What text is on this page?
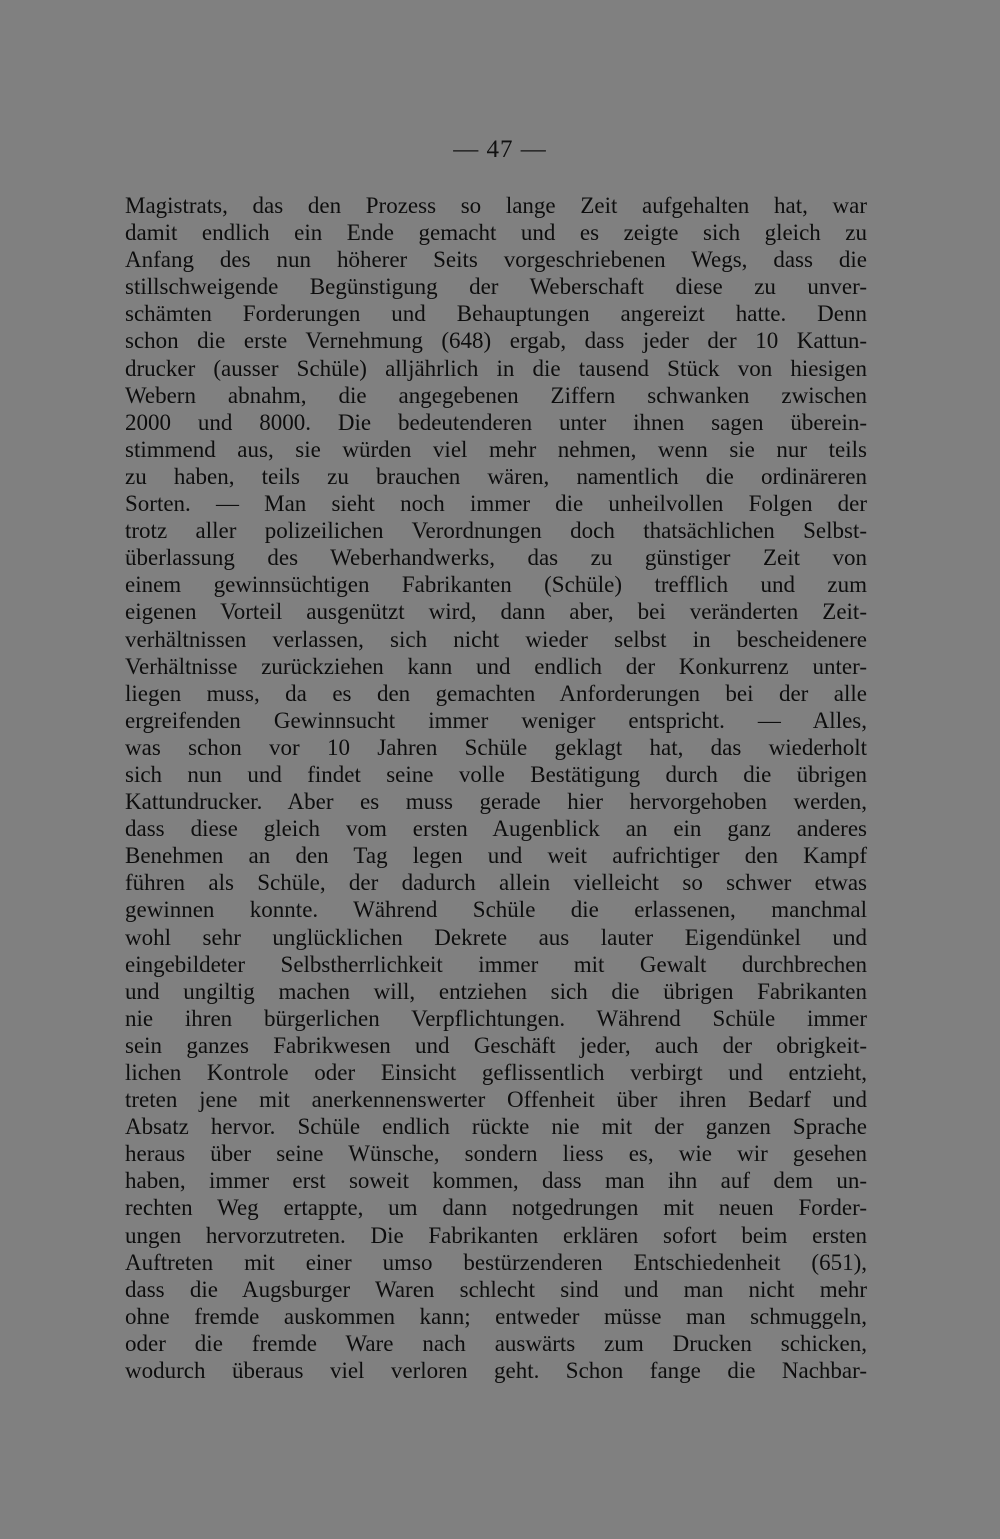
— 47 —
Magistrats, das den Prozess so lange Zeit aufgehalten hat, war
damit endlich ein Ende gemacht und es zeigte sich gleich zu
Anfang des nun höherer Seits vorgeschriebenen Wegs, dass die
stillschweigende Begünstigung der Weberschaft diese zu unver-
schämten Forderungen und Behauptungen angereizt hatte. Denn
schon die erste Vernehmung (648) ergab, dass jeder der 10 Kattun-
drucker (ausser Schüle) alljährlich in die tausend Stück von hiesigen
Webern abnahm, die angegebenen Ziffern schwanken zwischen
2000 und 8000. Die bedeutenderen unter ihnen sagen überein-
stimmend aus, sie würden viel mehr nehmen, wenn sie nur teils
zu haben, teils zu brauchen wären, namentlich die ordinäreren
Sorten. — Man sieht noch immer die unheilvollen Folgen der
trotz aller polizeilichen Verordnungen doch thatsächlichen Selbst-
überlassung des Weberhandwerks, das zu günstiger Zeit von
einem gewinnsüchtigen Fabrikanten (Schüle) trefflich und zum
eigenen Vorteil ausgenützt wird, dann aber, bei veränderten Zeit-
verhältnissen verlassen, sich nicht wieder selbst in bescheidenere
Verhältnisse zurückziehen kann und endlich der Konkurrenz unter-
liegen muss, da es den gemachten Anforderungen bei der alle
ergreifenden Gewinnsucht immer weniger entspricht. — Alles,
was schon vor 10 Jahren Schüle geklagt hat, das wiederholt
sich nun und findet seine volle Bestätigung durch die übrigen
Kattundrucker. Aber es muss gerade hier hervorgehoben werden,
dass diese gleich vom ersten Augenblick an ein ganz anderes
Benehmen an den Tag legen und weit aufrichtiger den Kampf
führen als Schüle, der dadurch allein vielleicht so schwer etwas
gewinnen konnte. Während Schüle die erlassenen, manchmal
wohl sehr unglücklichen Dekrete aus lauter Eigendünkel und
eingebildeter Selbstherrlichkeit immer mit Gewalt durchbrechen
und ungiltig machen will, entziehen sich die übrigen Fabrikanten
nie ihren bürgerlichen Verpflichtungen. Während Schüle immer
sein ganzes Fabrikwesen und Geschäft jeder, auch der obrigkeit-
lichen Kontrole oder Einsicht geflissentlich verbirgt und entzieht,
treten jene mit anerkennenswerter Offenheit über ihren Bedarf und
Absatz hervor. Schüle endlich rückte nie mit der ganzen Sprache
heraus über seine Wünsche, sondern liess es, wie wir gesehen
haben, immer erst soweit kommen, dass man ihn auf dem un-
rechten Weg ertappte, um dann notgedrungen mit neuen Forder-
ungen hervorzutreten. Die Fabrikanten erklären sofort beim ersten
Auftreten mit einer umso bestürzenderen Entschiedenheit (651),
dass die Augsburger Waren schlecht sind und man nicht mehr
ohne fremde auskommen kann; entweder müsse man schmuggeln,
oder die fremde Ware nach auswärts zum Drucken schicken,
wodurch überaus viel verloren geht. Schon fange die Nachbar-
